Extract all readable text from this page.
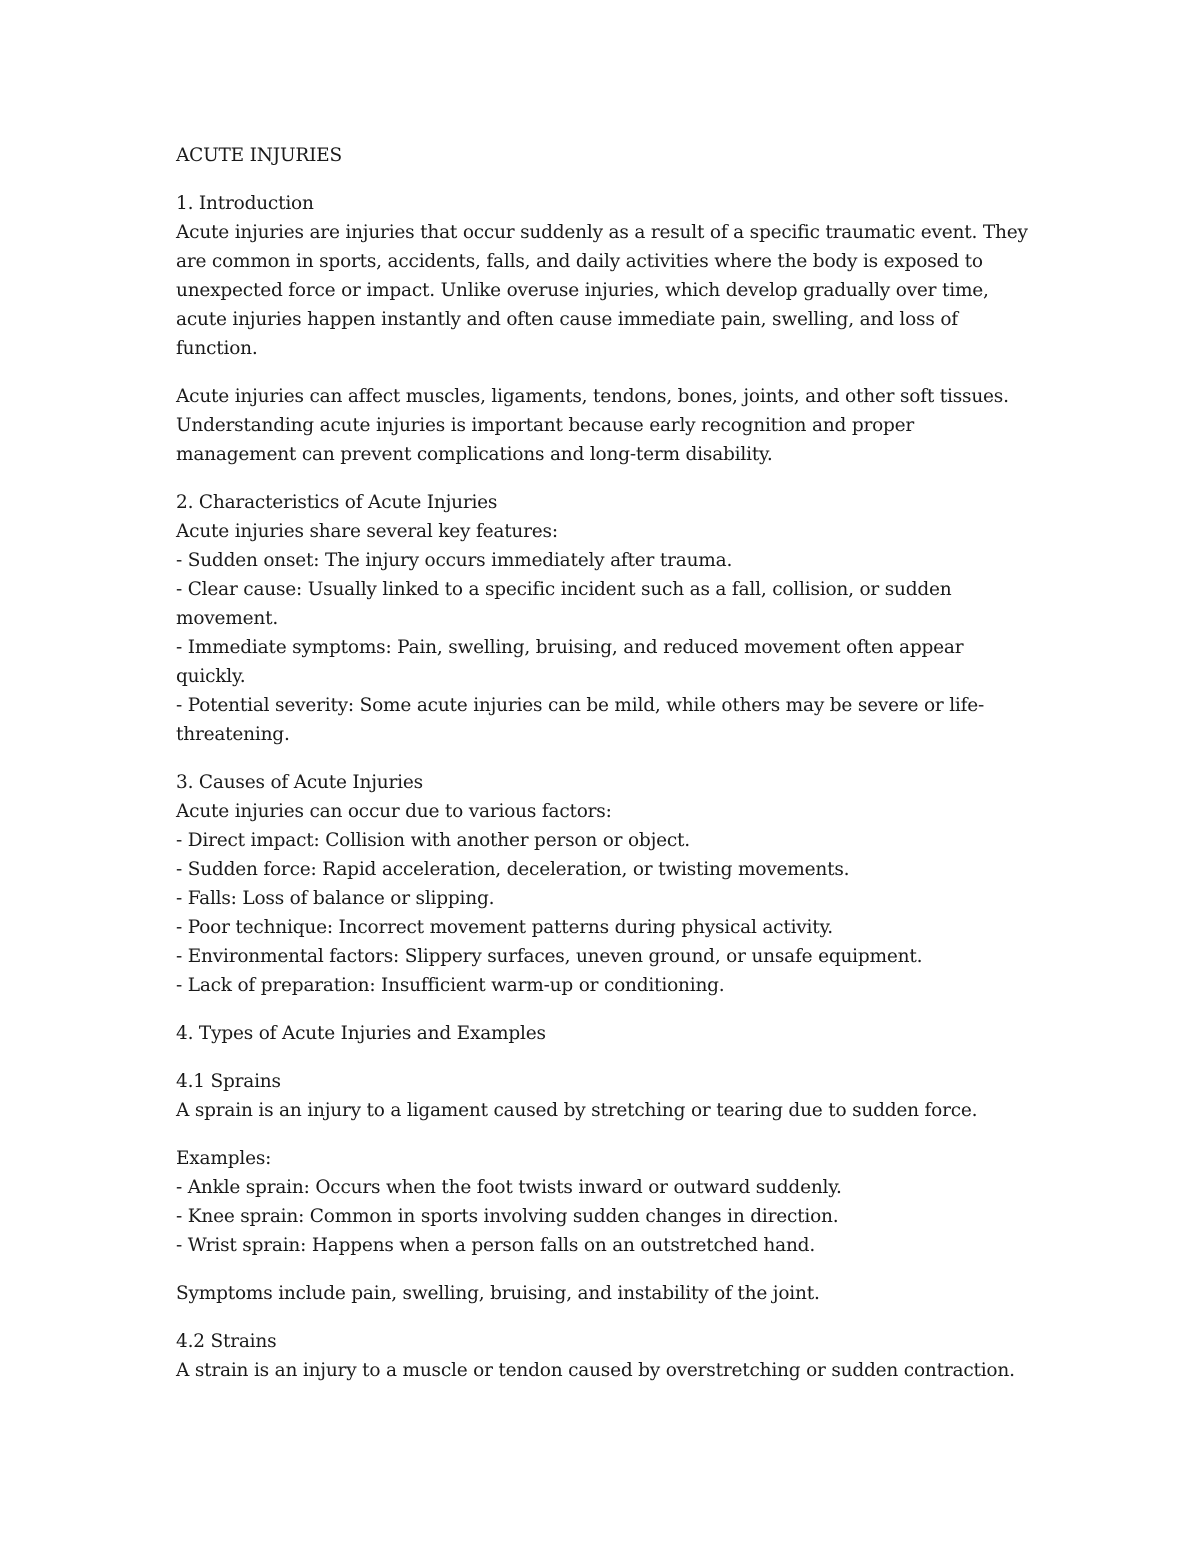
ACUTE INJURIES
1. Introduction
Acute injuries are injuries that occur suddenly as a result of a specific traumatic event. They
are common in sports, accidents, falls, and daily activities where the body is exposed to
unexpected force or impact. Unlike overuse injuries, which develop gradually over time,
acute injuries happen instantly and often cause immediate pain, swelling, and loss of
function.
Acute injuries can affect muscles, ligaments, tendons, bones, joints, and other soft tissues.
Understanding acute injuries is important because early recognition and proper
management can prevent complications and long-term disability.
2. Characteristics of Acute Injuries
Acute injuries share several key features:
- Sudden onset: The injury occurs immediately after trauma.
- Clear cause: Usually linked to a specific incident such as a fall, collision, or sudden
movement.
- Immediate symptoms: Pain, swelling, bruising, and reduced movement often appear
quickly.
- Potential severity: Some acute injuries can be mild, while others may be severe or life-
threatening.
3. Causes of Acute Injuries
Acute injuries can occur due to various factors:
- Direct impact: Collision with another person or object.
- Sudden force: Rapid acceleration, deceleration, or twisting movements.
- Falls: Loss of balance or slipping.
- Poor technique: Incorrect movement patterns during physical activity.
- Environmental factors: Slippery surfaces, uneven ground, or unsafe equipment.
- Lack of preparation: Insufficient warm-up or conditioning.
4. Types of Acute Injuries and Examples
4.1 Sprains
A sprain is an injury to a ligament caused by stretching or tearing due to sudden force.
Examples:
- Ankle sprain: Occurs when the foot twists inward or outward suddenly.
- Knee sprain: Common in sports involving sudden changes in direction.
- Wrist sprain: Happens when a person falls on an outstretched hand.
Symptoms include pain, swelling, bruising, and instability of the joint.
4.2 Strains
A strain is an injury to a muscle or tendon caused by overstretching or sudden contraction.
